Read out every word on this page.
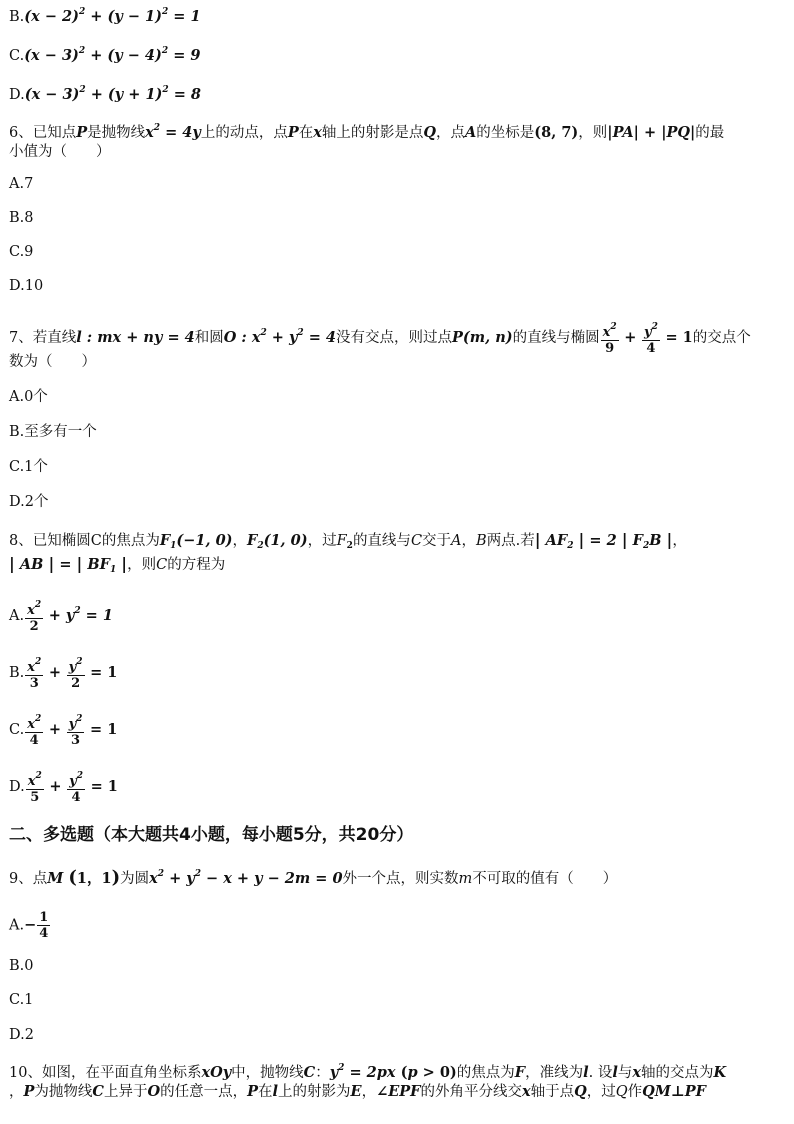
$B.(x - 2)^2 + (y - 1)^2 = 1$
$C.(x - 3)^2 + (y - 4)^2 = 9$
$D.(x - 3)^2 + (y + 1)^2 = 8$
6、已知点P是抛物线$x^2 = 4y$上的动点，点P在x轴上的射影是点Q，点A的坐标是(8, 7)，则|PA| + |PQ|的最
小值为（　　）
A.7
B.8
C.9
D.10
7、若直线l : mx + ny = 4和圆O : $x^2 + y^2 = 4$没有交点，则过点P(m, n)的直线与椭圆 $\frac{x^2}{9} + \frac{y^2}{4} = 1$的交点个
数为（　　）
A.0个
B.至多有一个
C.1个
D.2个
8、已知椭圆C的焦点为$F_1(-1$, 0)，$F_2(1$, 0)，过$F_2$的直线与C交于A，B两点.若| $AF_2$ | = 2 | $F_2B$ |，
| AB | = | $BF_1$ |，则C的方程为
A. $\frac{x^2}{2} + y^2 = 1$
B. $\frac{x^2}{3} + \frac{y^2}{2} = 1$
C. $\frac{x^2}{4} + \frac{y^2}{3} = 1$
D. $\frac{x^2}{5} + \frac{y^2}{4} = 1$
二、多选题（本大题共4小题，每小题5分，共20分）
9、点M (1，1)为圆$x^2 + y^2 - x + y - 2m = 0$外一个点，则实数m不可取的值有（　　）
$A.- \frac{1}{4}$
B.0
C.1
D.2
10、如图，在平面直角坐标系xOy中，抛物线C：$y^2 = 2px$ (p > 0)的焦点为F，准线为l. 设l与x轴的交点为K
，P为抛物线C上异于O的任意一点，P在l上的射影为E，∠EPF的外角平分线交x轴于点Q，过Q作QM⊥PF
